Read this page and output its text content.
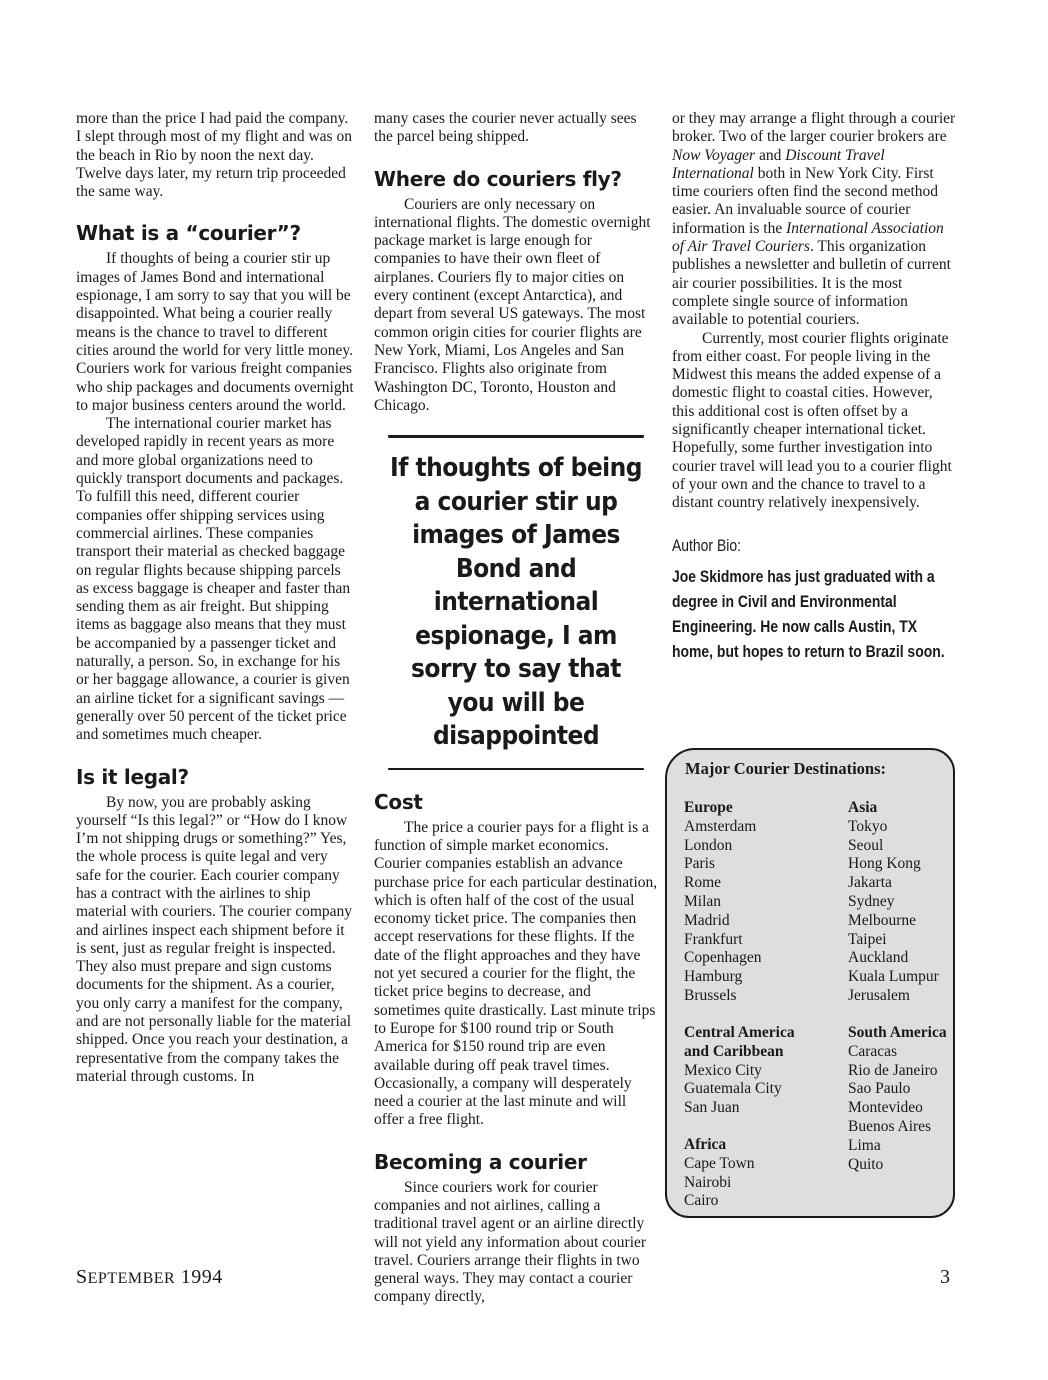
more than the price I had paid the company. I slept through most of my flight and was on the beach in Rio by noon the next day. Twelve days later, my return trip proceeded the same way.

What is a “courier”?

If thoughts of being a courier stir up images of James Bond and international espionage, I am sorry to say that you will be disappointed. What being a courier really means is the chance to travel to different cities around the world for very little money. Couriers work for various freight companies who ship packages and documents overnight to major business centers around the world.

The international courier market has developed rapidly in recent years as more and more global organizations need to quickly transport documents and packages. To fulfill this need, different courier companies offer shipping services using commercial airlines. These companies transport their material as checked baggage on regular flights because shipping parcels as excess baggage is cheaper and faster than sending them as air freight. But shipping items as baggage also means that they must be accompanied by a passenger ticket and naturally, a person. So, in exchange for his or her baggage allowance, a courier is given an airline ticket for a significant savings — generally over 50 percent of the ticket price and sometimes much cheaper.

Is it legal?

By now, you are probably asking yourself “Is this legal?” or “How do I know I’m not shipping drugs or something?” Yes, the whole process is quite legal and very safe for the courier. Each courier company has a contract with the airlines to ship material with couriers. The courier company and airlines inspect each shipment before it is sent, just as regular freight is inspected. They also must prepare and sign customs documents for the shipment. As a courier, you only carry a manifest for the company, and are not personally liable for the material shipped. Once you reach your destination, a representative from the company takes the material through customs. In

many cases the courier never actually sees the parcel being shipped.

Where do couriers fly?

Couriers are only necessary on international flights. The domestic overnight package market is large enough for companies to have their own fleet of airplanes. Couriers fly to major cities on every continent (except Antarctica), and depart from several US gateways. The most common origin cities for courier flights are New York, Miami, Los Angeles and San Francisco. Flights also originate from Washington DC, Toronto, Houston and Chicago.

If thoughts of being a courier stir up images of James Bond and international espionage, I am sorry to say that you will be disappointed
Cost

The price a courier pays for a flight is a function of simple market economics. Courier companies establish an advance purchase price for each particular destination, which is often half of the cost of the usual economy ticket price. The companies then accept reservations for these flights. If the date of the flight approaches and they have not yet secured a courier for the flight, the ticket price begins to decrease, and sometimes quite drastically. Last minute trips to Europe for $100 round trip or South America for $150 round trip are even available during off peak travel times. Occasionally, a company will desperately need a courier at the last minute and will offer a free flight.

Becoming a courier

Since couriers work for courier companies and not airlines, calling a traditional travel agent or an airline directly will not yield any information about courier travel. Couriers arrange their flights in two general ways. They may contact a courier company directly,

or they may arrange a flight through a courier broker. Two of the larger courier brokers are Now Voyager and Discount Travel International both in New York City. First time couriers often find the second method easier. An invaluable source of courier information is the International Association of Air Travel Couriers. This organization publishes a newsletter and bulletin of current air courier possibilities. It is the most complete single source of information available to potential couriers.

Currently, most courier flights originate from either coast. For people living in the Midwest this means the added expense of a domestic flight to coastal cities. However, this additional cost is often offset by a significantly cheaper international ticket. Hopefully, some further investigation into courier travel will lead you to a courier flight of your own and the chance to travel to a distant country relatively inexpensively.

Author Bio:
Joe Skidmore has just graduated with a degree in Civil and Environmental Engineering. He now calls Austin, TX home, but hopes to return to Brazil soon.
Major Courier Destinations:
Europe
Amsterdam
London
Paris
Rome
Milan
Madrid
Frankfurt
Copenhagen
Hamburg
Brussels
Asia
Tokyo
Seoul
Hong Kong
Jakarta
Sydney
Melbourne
Taipei
Auckland
Kuala Lumpur
Jerusalem
Central America
and Caribbean
Mexico City
Guatemala City
San Juan
South America
Caracas
Rio de Janeiro
Sao Paulo
Montevideo
Buenos Aires
Lima
Quito
Africa
Cape Town
Nairobi
Cairo
SEPTEMBER 1994	3
